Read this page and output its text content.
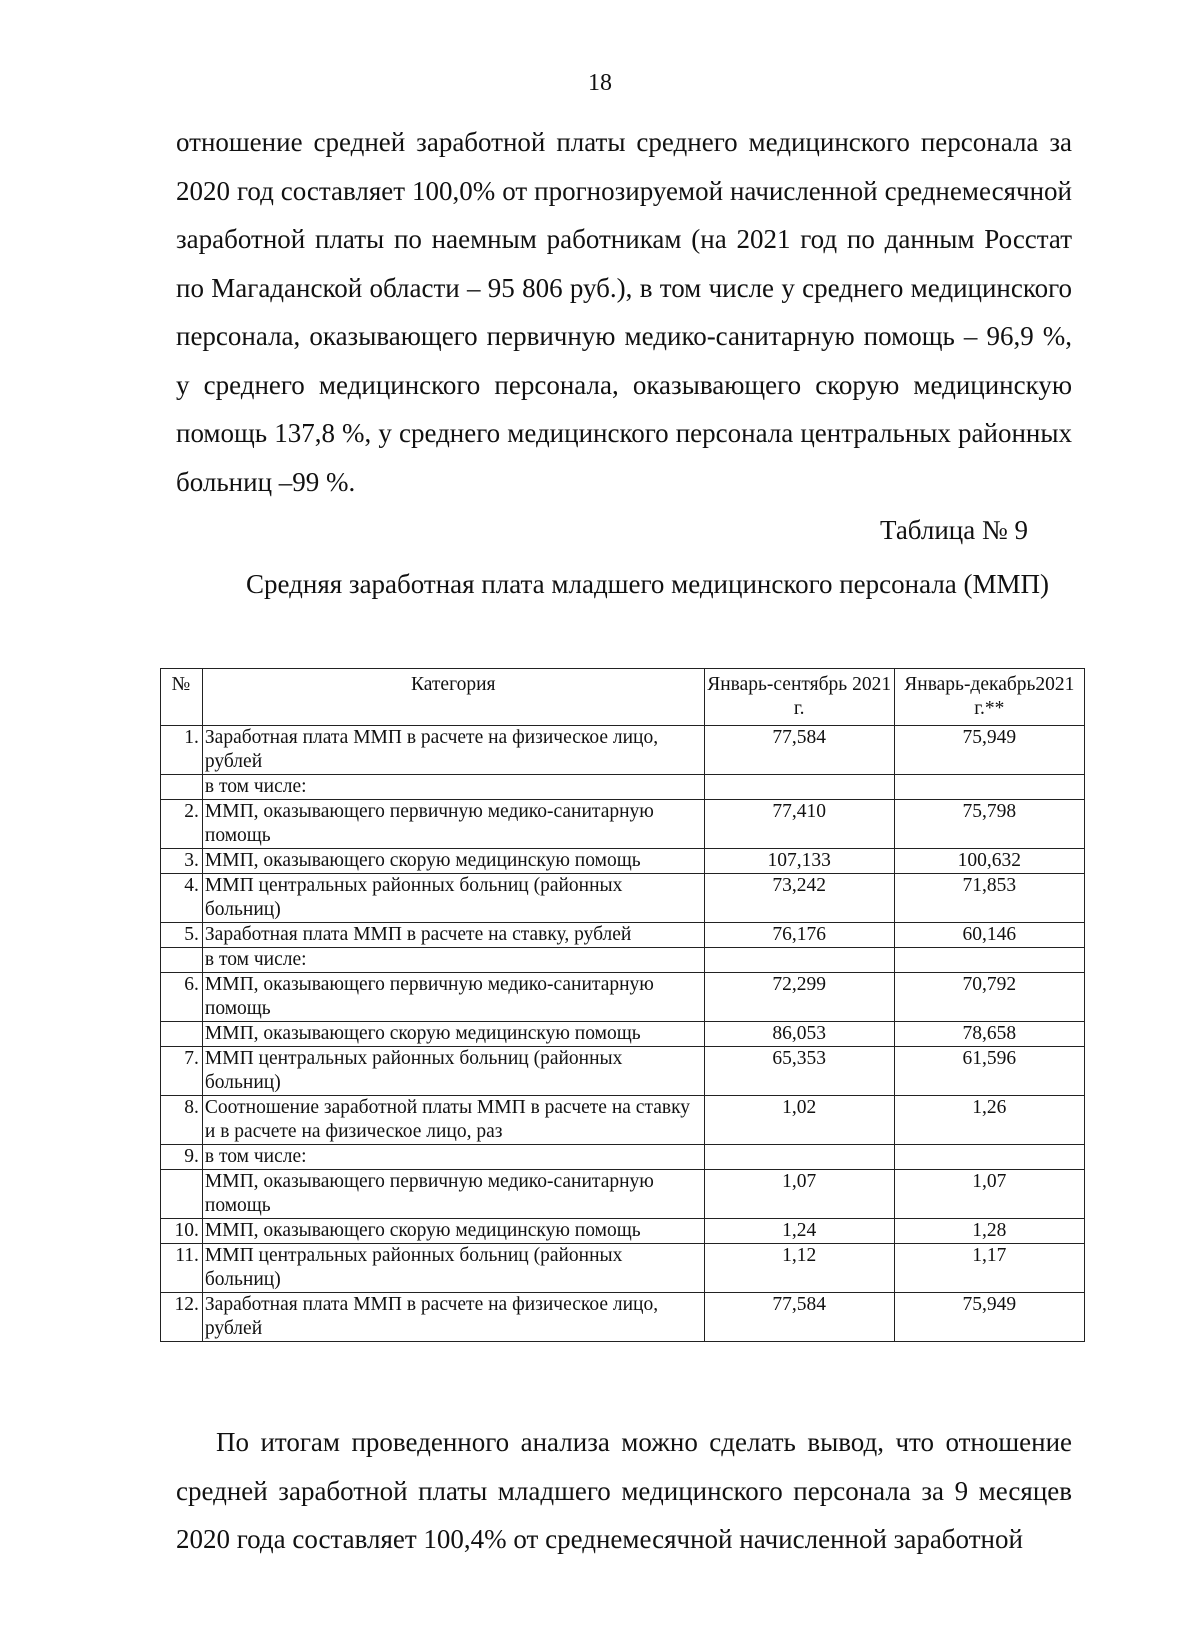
18

отношение средней заработной платы среднего медицинского персонала за 2020 год составляет 100,0% от прогнозируемой начисленной среднемесячной заработной платы по наемным работникам (на 2021 год по данным Росстат по Магаданской области – 95 806 руб.), в том числе у среднего медицинского персонала, оказывающего первичную медико-санитарную помощь – 96,9 %, у среднего медицинского персонала, оказывающего скорую медицинскую помощь 137,8 %, у среднего медицинского персонала центральных районных больниц –99 %.

Таблица № 9

Средняя заработная плата младшего медицинского персонала (ММП)

№	Категория	Январь-сентябрь 2021 г.	Январь-декабрь2021 г.**
1.	Заработная плата ММП в расчете на физическое лицо, рублей	77,584	75,949
	в том числе:		
2.	ММП, оказывающего первичную медико-санитарную помощь	77,410	75,798
3.	ММП, оказывающего скорую медицинскую помощь	107,133	100,632
4.	ММП центральных районных больниц (районных больниц)	73,242	71,853
5.	Заработная плата ММП в расчете на ставку, рублей	76,176	60,146
	в том числе:		
6.	ММП, оказывающего первичную медико-санитарную помощь	72,299	70,792
	ММП, оказывающего скорую медицинскую помощь	86,053	78,658
7.	ММП центральных районных больниц (районных больниц)	65,353	61,596
8.	Соотношение заработной платы ММП в расчете на ставку и в расчете на физическое лицо, раз	1,02	1,26
9.	в том числе:		
	ММП, оказывающего первичную медико-санитарную помощь	1,07	1,07
10.	ММП, оказывающего скорую медицинскую помощь	1,24	1,28
11.	ММП центральных районных больниц (районных больниц)	1,12	1,17
12.	Заработная плата ММП в расчете на физическое лицо, рублей	77,584	75,949

По итогам проведенного анализа можно сделать вывод, что отношение средней заработной платы младшего медицинского персонала за 9 месяцев 2020 года составляет 100,4% от среднемесячной начисленной заработной
